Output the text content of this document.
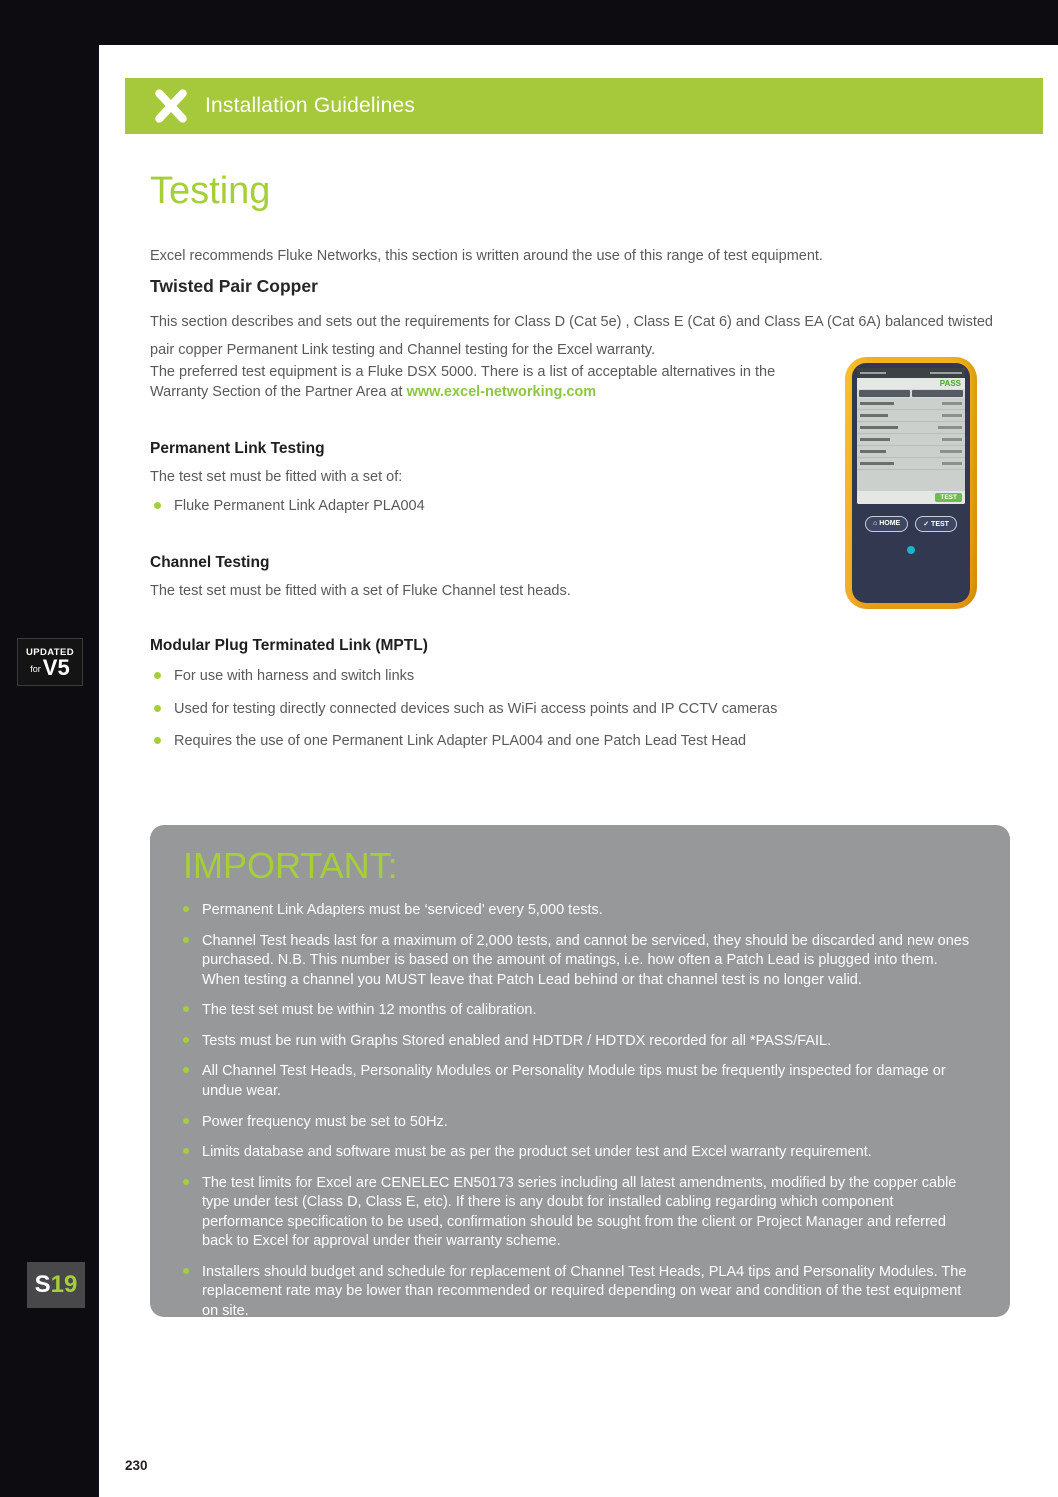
Installation Guidelines
Testing
Excel recommends Fluke Networks, this section is written around the use of this range of test equipment.
Twisted Pair Copper
This section describes and sets out the requirements for Class D (Cat 5e) , Class E (Cat 6) and Class EA (Cat 6A) balanced twisted pair copper Permanent Link testing and Channel testing for the Excel warranty.
The preferred test equipment is a Fluke DSX 5000. There is a list of acceptable alternatives in the Warranty Section of the Partner Area at www.excel-networking.com
Permanent Link Testing
The test set must be fitted with a set of:
Fluke Permanent Link Adapter PLA004
Channel Testing
The test set must be fitted with a set of Fluke Channel test heads.
Modular Plug Terminated Link (MPTL)
For use with harness and switch links
Used for testing directly connected devices such as WiFi access points and IP CCTV cameras
Requires the use of one Permanent Link Adapter PLA004 and one Patch Lead Test Head
UPDATED
for V5
PASS
TEST
⌂ HOME	✓ TEST
IMPORTANT:
Permanent Link Adapters must be ‘serviced’ every 5,000 tests.
Channel Test heads last for a maximum of 2,000 tests, and cannot be serviced, they should be discarded and new ones purchased. N.B. This number is based on the amount of matings, i.e. how often a Patch Lead is plugged into them. When testing a channel you MUST leave that Patch Lead behind or that channel test is no longer valid.
The test set must be within 12 months of calibration.
Tests must be run with Graphs Stored enabled and HDTDR / HDTDX recorded for all *PASS/FAIL.
All Channel Test Heads, Personality Modules or Personality Module tips must be frequently inspected for damage or undue wear.
Power frequency must be set to 50Hz.
Limits database and software must be as per the product set under test and Excel warranty requirement.
The test limits for Excel are CENELEC EN50173 series including all latest amendments, modified by the copper cable type under test (Class D, Class E, etc). If there is any doubt for installed cabling regarding which component performance specification to be used, confirmation should be sought from the client or Project Manager and referred back to Excel for approval under their warranty scheme.
Installers should budget and schedule for replacement of Channel Test Heads, PLA4 tips and Personality Modules. The replacement rate may be lower than recommended or required depending on wear and condition of the test equipment on site.
S 19
230
